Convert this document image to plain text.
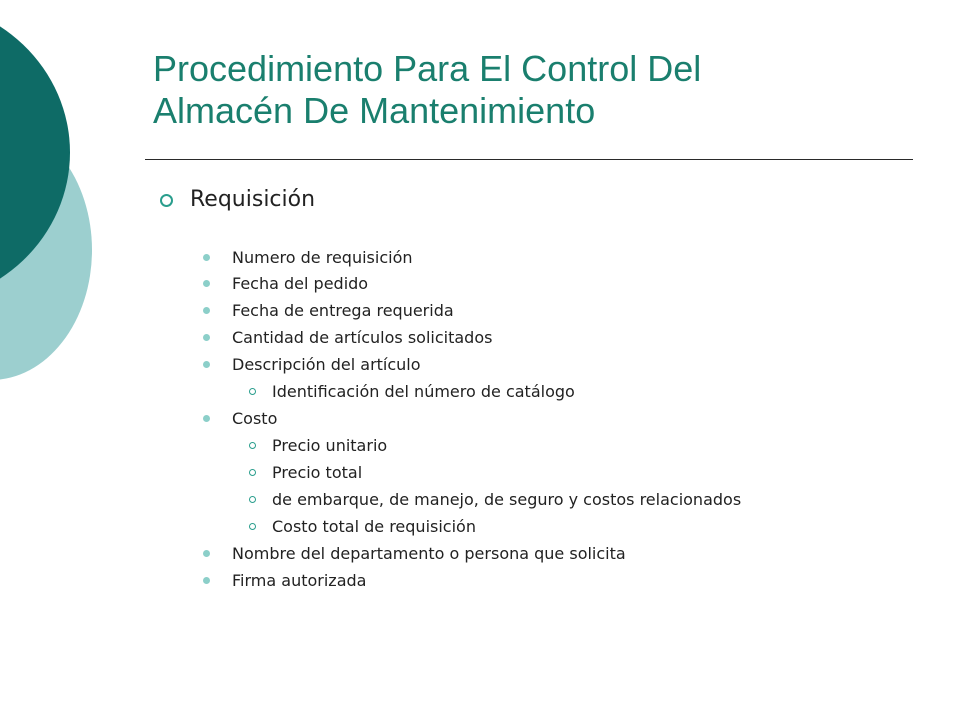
Procedimiento Para El Control Del
Almacén De Mantenimiento
Requisición
Numero de requisición
Fecha del pedido
Fecha de entrega requerida
Cantidad de artículos solicitados
Descripción del artículo
Identificación del número de catálogo
Costo
Precio unitario
Precio total
de embarque, de manejo, de seguro y costos relacionados
Costo total de requisición
Nombre del departamento o persona que solicita
Firma autorizada
